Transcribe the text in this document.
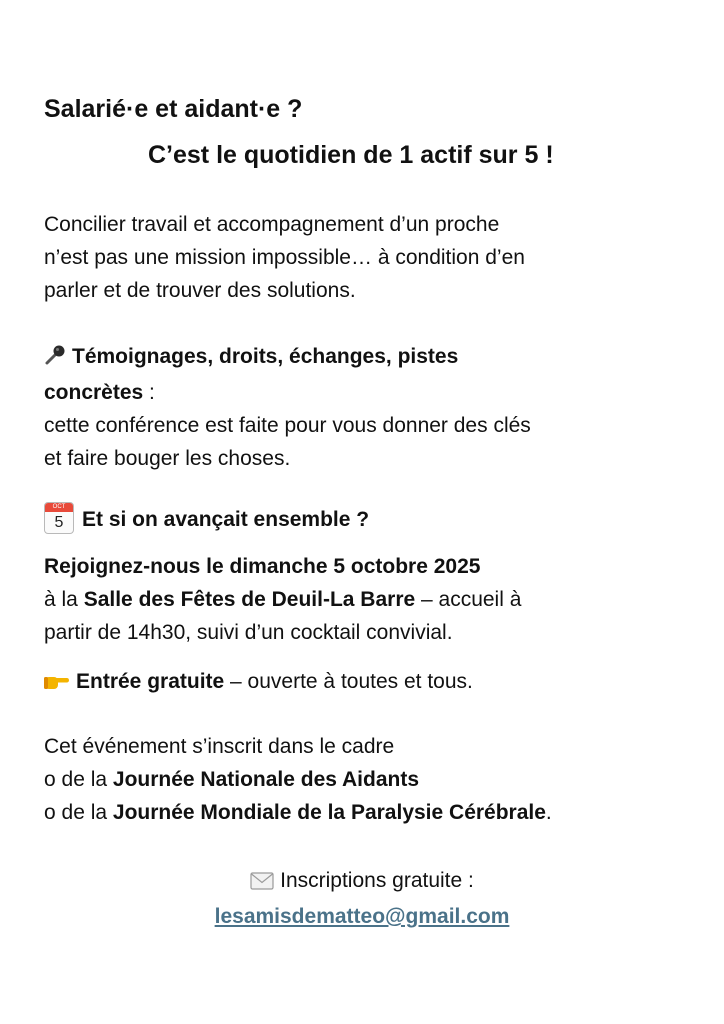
Salarié·e et aidant·e ?
C’est le quotidien de 1 actif sur 5 !
Concilier travail et accompagnement d’un proche
n’est pas une mission impossible… à condition d’en
parler et de trouver des solutions.
Témoignages, droits, échanges, pistes
concrètes :
cette conférence est faite pour vous donner des clés
et faire bouger les choses.
OCT
5 Et si on avançait ensemble ?
Rejoignez-nous le dimanche 5 octobre 2025
à la Salle des Fêtes de Deuil-La Barre – accueil à
partir de 14h30, suivi d’un cocktail convivial.
Entrée gratuite – ouverte à toutes et tous.
Cet événement s’inscrit dans le cadre
o de la Journée Nationale des Aidants
o de la Journée Mondiale de la Paralysie Cérébrale.
Inscriptions gratuite :
lesamisdematteo@gmail.com
